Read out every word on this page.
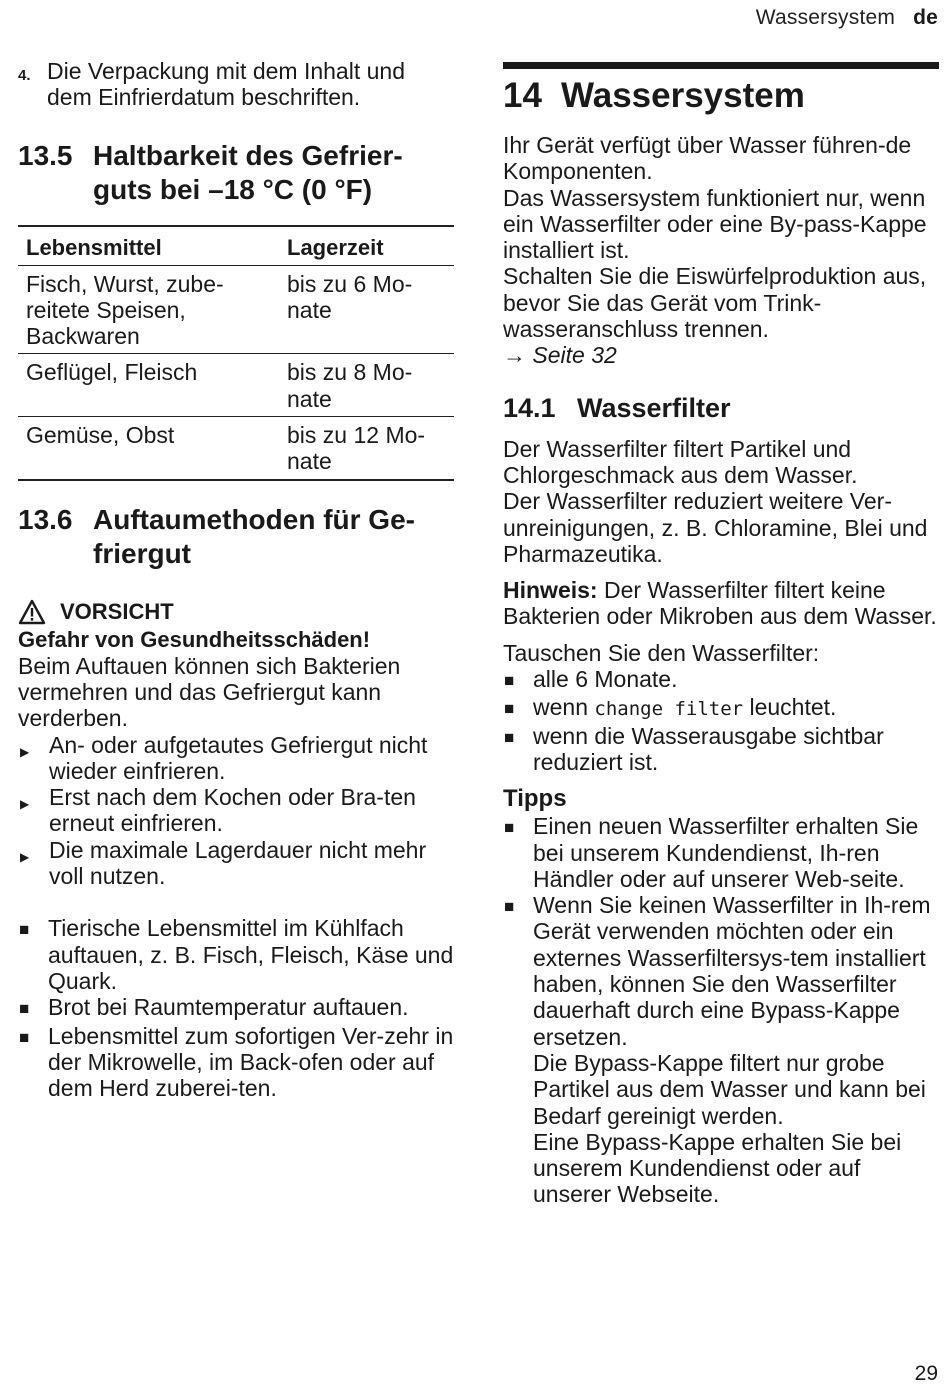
Wassersystem de
4. Die Verpackung mit dem Inhalt und dem Einfrierdatum beschriften.
13.5 Haltbarkeit des Gefrier-guts bei –18 °C (0 °F)
Lebensmittel	Lagerzeit
Fisch, Wurst, zube-reitete Speisen, Backwaren	bis zu 6 Mo-nate
Geflügel, Fleisch	bis zu 8 Mo-nate
Gemüse, Obst	bis zu 12 Mo-nate
13.6 Auftaumethoden für Ge-friergut
VORSICHT
Gefahr von Gesundheitsschäden!
Beim Auftauen können sich Bakterien vermehren und das Gefriergut kann verderben.
▶ An- oder aufgetautes Gefriergut nicht wieder einfrieren.
▶ Erst nach dem Kochen oder Bra-ten erneut einfrieren.
▶ Die maximale Lagerdauer nicht mehr voll nutzen.
■ Tierische Lebensmittel im Kühlfach auftauen, z. B. Fisch, Fleisch, Käse und Quark.
■ Brot bei Raumtemperatur auftauen.
■ Lebensmittel zum sofortigen Ver-zehr in der Mikrowelle, im Back-ofen oder auf dem Herd zuberei-ten.
14 Wassersystem
Ihr Gerät verfügt über Wasser führen-de Komponenten.
Das Wassersystem funktioniert nur, wenn ein Wasserfilter oder eine By-pass-Kappe installiert ist.
Schalten Sie die Eiswürfelproduktion aus, bevor Sie das Gerät vom Trink-wasseranschluss trennen.
→ Seite 32
14.1 Wasserfilter
Der Wasserfilter filtert Partikel und Chlorgeschmack aus dem Wasser.
Der Wasserfilter reduziert weitere Ver-unreinigungen, z. B. Chloramine, Blei und Pharmazeutika.
Hinweis: Der Wasserfilter filtert keine Bakterien oder Mikroben aus dem Wasser.
Tauschen Sie den Wasserfilter:
■ alle 6 Monate.
■ wenn change filter leuchtet.
■ wenn die Wasserausgabe sichtbar reduziert ist.
Tipps
■ Einen neuen Wasserfilter erhalten Sie bei unserem Kundendienst, Ih-ren Händler oder auf unserer Web-seite.
■ Wenn Sie keinen Wasserfilter in Ih-rem Gerät verwenden möchten oder ein externes Wasserfiltersys-tem installiert haben, können Sie den Wasserfilter dauerhaft durch eine Bypass-Kappe ersetzen.
Die Bypass-Kappe filtert nur grobe Partikel aus dem Wasser und kann bei Bedarf gereinigt werden.
Eine Bypass-Kappe erhalten Sie bei unserem Kundendienst oder auf unserer Webseite.
29
